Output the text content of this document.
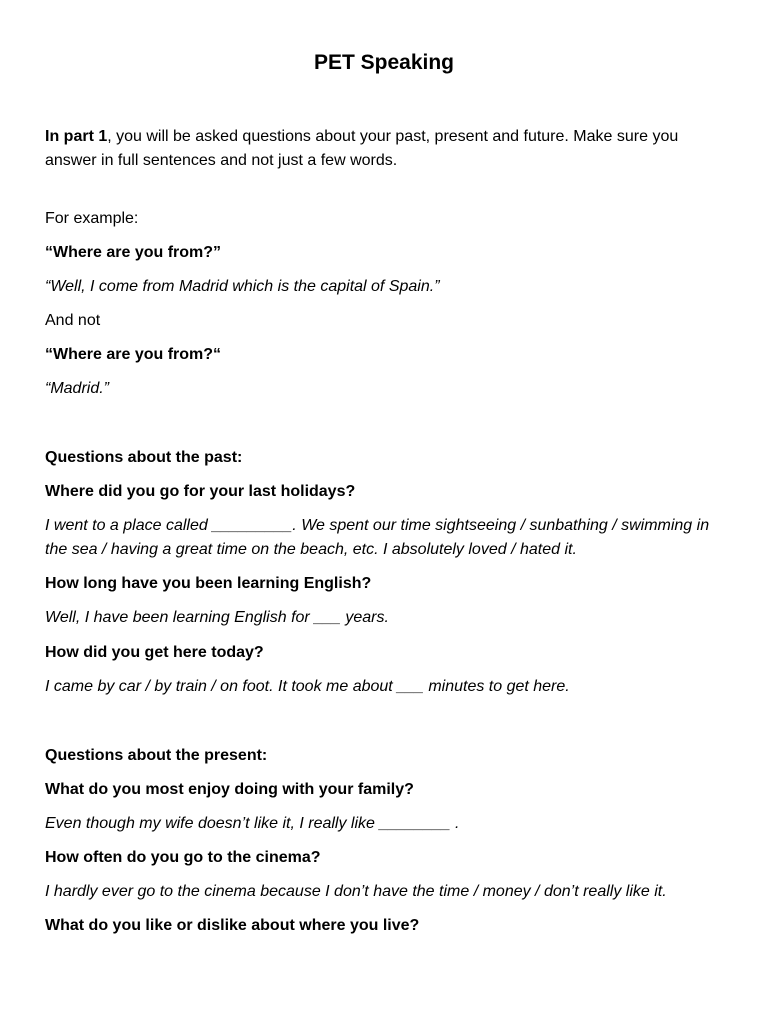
PET Speaking
In part 1, you will be asked questions about your past, present and future. Make sure you
answer in full sentences and not just a few words.
For example:
“Where are you from?”
“Well, I come from Madrid which is the capital of Spain.”
And not
“Where are you from?“
“Madrid.”
Questions about the past:
Where did you go for your last holidays?
I went to a place called _________. We spent our time sightseeing / sunbathing / swimming in
the sea / having a great time on the beach, etc. I absolutely loved / hated it.
How long have you been learning English?
Well, I have been learning English for ___ years.
How did you get here today?
I came by car / by train / on foot. It took me about ___ minutes to get here.
Questions about the present:
What do you most enjoy doing with your family?
Even though my wife doesn’t like it, I really like ________ .
How often do you go to the cinema?
I hardly ever go to the cinema because I don’t have the time / money / don’t really like it.
What do you like or dislike about where you live?
